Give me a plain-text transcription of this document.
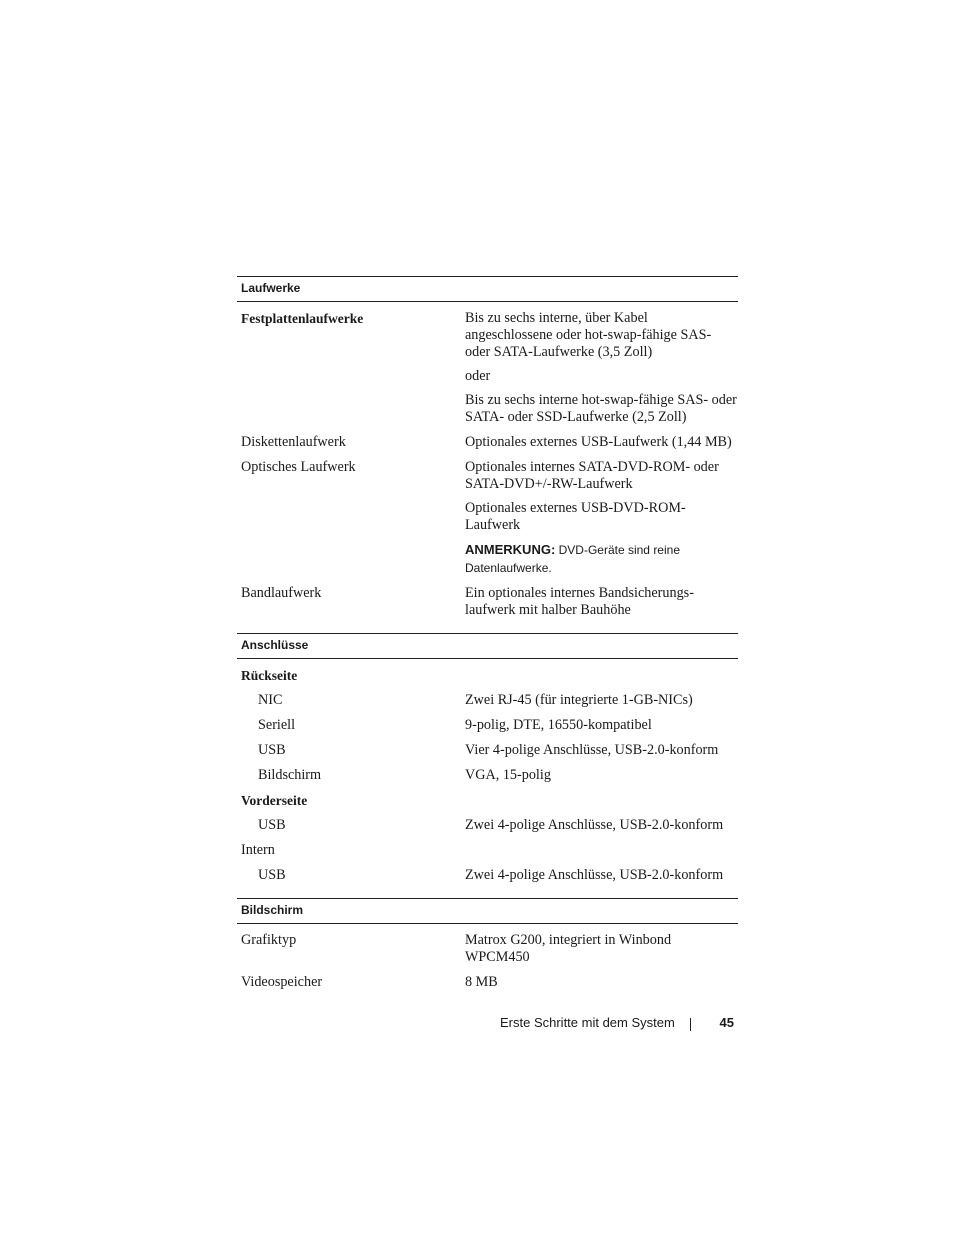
Laufwerke
Festplattenlaufwerke	Bis zu sechs interne, über Kabel angeschlossene oder hot-swap-fähige SAS- oder SATA-Laufwerke (3,5 Zoll)

oder

Bis zu sechs interne hot-swap-fähige SAS- oder SATA- oder SSD-Laufwerke (2,5 Zoll)

Diskettenlaufwerk	Optionales externes USB-Laufwerk (1,44 MB)

Optisches Laufwerk	Optionales internes SATA-DVD-ROM- oder SATA-DVD+/-RW-Laufwerk

Optionales externes USB-DVD-ROM-Laufwerk

ANMERKUNG: DVD-Geräte sind reine Datenlaufwerke.

Bandlaufwerk	Ein optionales internes Bandsicherungs-laufwerk mit halber Bauhöhe

Anschlüsse
Rückseite
NIC	Zwei RJ-45 (für integrierte 1-GB-NICs)

Seriell	9-polig, DTE, 16550-kompatibel

USB	Vier 4-polige Anschlüsse, USB-2.0-konform

Bildschirm	VGA, 15-polig

Vorderseite
USB	Zwei 4-polige Anschlüsse, USB-2.0-konform

Intern
USB	Zwei 4-polige Anschlüsse, USB-2.0-konform

Bildschirm
Grafiktyp	Matrox G200, integriert in Winbond WPCM450

Videospeicher	8 MB

Erste Schritte mit dem System	45
